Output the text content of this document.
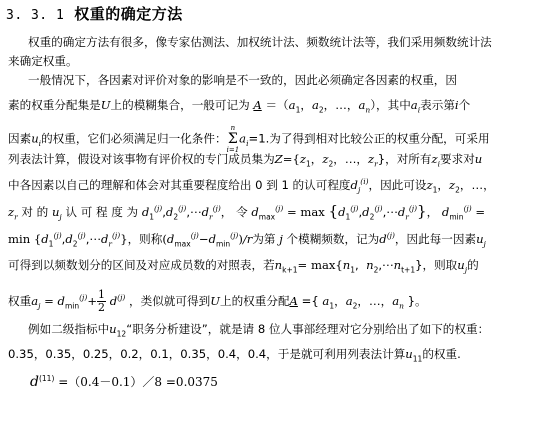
3. 3. 1 权重的确定方法
权重的确定方法有很多，像专家估测法、加权统计法、频数统计法等，我们采用频数统计法
来确定权重。
一般情况下，各因素对评价对象的影响是不一致的，因此必须确定各因素的权重，因
素的权重分配集是U上的模糊集合，一般可记为 $A =(a_1$，$a_2$，…，$a_n$），其中$a_i$表示第i个
因素$u_i$的权重，它们必须满足归一化条件：
n
Σ
i=1
$a_i=1$.为了得到相对比较公正的权重分配，可采用
列表法计算，假设对该事物有评价权的专门成员集为$Z=\{z_1$，$z_2$，…，$z_r$}，对所有$z_i$要求对u
中各因素以自己的理解和体会对其重要程度给出 0 到 1 的认可程度$d_j^{(i)}$，因此可设$z_1$，$z_2$，…，
$z_r$ 对 的 $u_j$ 认 可 程 度 为 $d_1^{(j)},d_2^{(j)},\cdots d_r^{(j)}$， 令 $d_{max}^{(j)} = \max$ $\{d_1^{(j)},d_2^{(j)},\cdots d_r^{(j)}\}$， $d_{min}^{(j)}$ =
$\min \{d_1^{(j)},d_2^{(j)},\cdots d_r^{(j)}\}$，则称$(d_{max}^{(j)}-d_{min}^{(j)})/r$为第 j 个模糊频数，记为$d^{(j)}$，因此每一因素$u_j$
可得到以频数划分的区间及对应成员数的对照表，若$n_{k+1}= \max\{n_1$,  $n_2,\cdots n_{t+1}$}，则取$u_j$的
权重$a_j = d_{min}^{(j)}+ \frac{1}{2} d^{(j)}$ ，类似就可得到U上的权重分配A ={ $a_1$，$a_2$，…，$a_n$ }。
例如二级指标中$u_{12}“$职务分析建设”，就是请 8 位人事部经理对它分别给出了如下的权重：
0.35，0.35，0.25，0.2，0.1，0.35，0.4，0.4，于是就可利用列表法计算$u_{11}$的权重.
$d^{(11)}$ =（0.4－0.1）／8 =0.0375
